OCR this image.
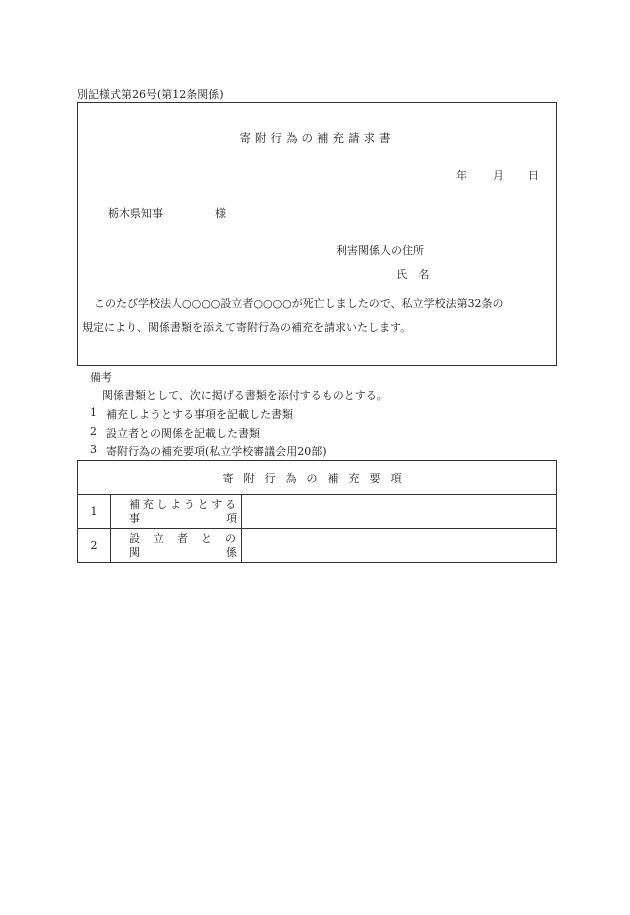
別記様式第26号(第12条関係)
寄附行為の補充請求書
年 月 日
栃木県知事	様
利害関係人の住所
氏 名
このたび学校法人○○○○設立者○○○○が死亡しましたので、私立学校法第32条の
規定により、関係書類を添えて寄附行為の補充を請求いたします。
備考
関係書類として、次に掲げる書類を添付するものとする。
1 補充しようとする事項を記載した書類
2 設立者との関係を記載した書類
3 寄附行為の補充要項(私立学校審議会用20部)
寄附行為の補充要項		
1	補充しようとする
事項	

2	設立者との
関係	
